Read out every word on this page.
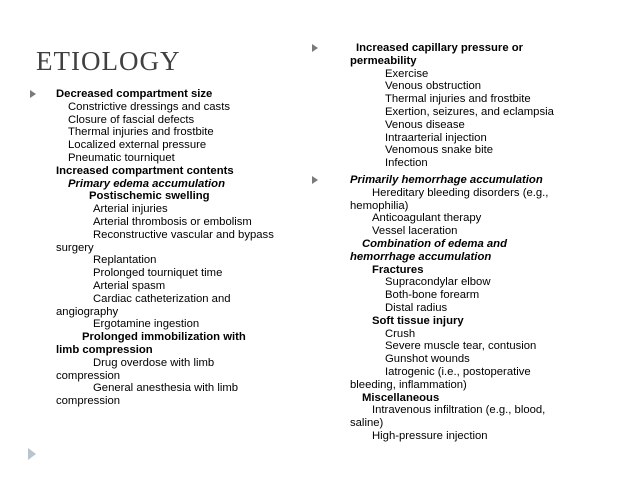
ETIOLOGY
Decreased compartment size
Constrictive dressings and casts
Closure of fascial defects
Thermal injuries and frostbite
Localized external pressure
Pneumatic tourniquet
Increased compartment contents
Primary edema accumulation
Postischemic swelling
Arterial injuries
Arterial thrombosis or embolism
Reconstructive vascular and bypass
surgery
Replantation
Prolonged tourniquet time
Arterial spasm
Cardiac catheterization and
angiography
Ergotamine ingestion
Prolonged immobilization with
limb compression
Drug overdose with limb
compression
General anesthesia with limb
compression
Increased capillary pressure or
permeability
Exercise
Venous obstruction
Thermal injuries and frostbite
Exertion, seizures, and eclampsia
Venous disease
Intraarterial injection
Venomous snake bite
Infection
Primarily hemorrhage accumulation
Hereditary bleeding disorders (e.g.,
hemophilia)
Anticoagulant therapy
Vessel laceration
Combination of edema and
hemorrhage accumulation
Fractures
Supracondylar elbow
Both-bone forearm
Distal radius
Soft tissue injury
Crush
Severe muscle tear, contusion
Gunshot wounds
Iatrogenic (i.e., postoperative
bleeding, inflammation)
Miscellaneous
Intravenous infiltration (e.g., blood,
saline)
High-pressure injection
